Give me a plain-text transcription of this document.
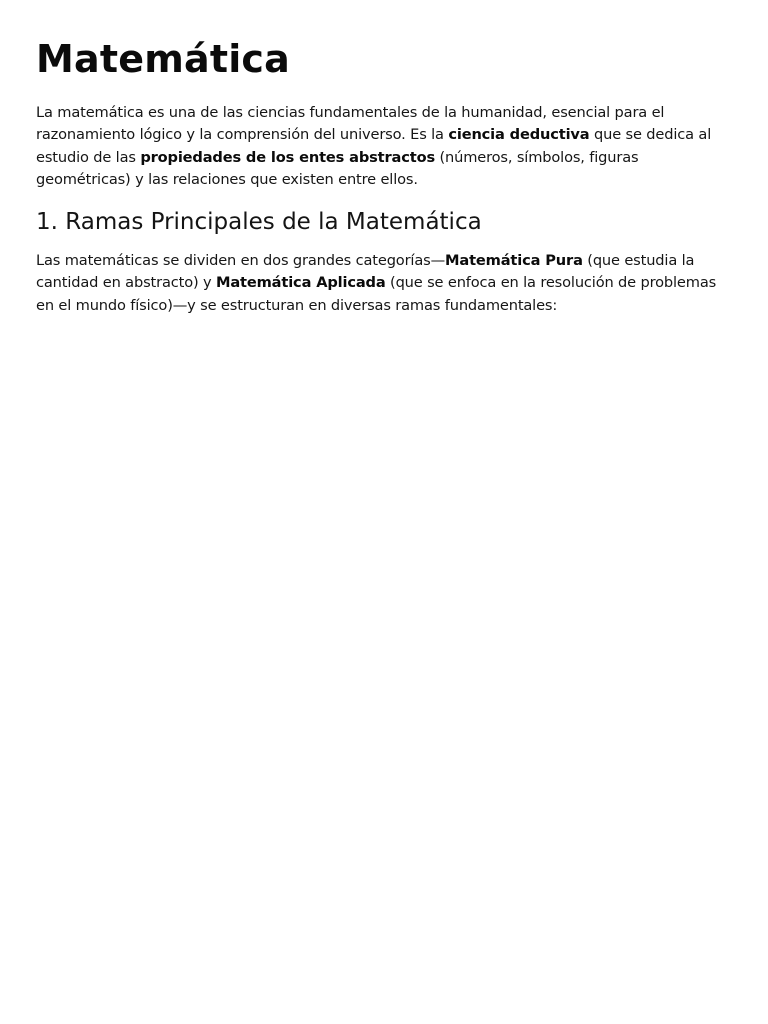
Matemática

La matemática es una de las ciencias fundamentales de la humanidad, esencial para el razonamiento lógico y la comprensión del universo. Es la ciencia deductiva que se dedica al estudio de las propiedades de los entes abstractos (números, símbolos, figuras geométricas) y las relaciones que existen entre ellos.

1. Ramas Principales de la Matemática

Las matemáticas se dividen en dos grandes categorías—Matemática Pura (que estudia la cantidad en abstracto) y Matemática Aplicada (que se enfoca en la resolución de problemas en el mundo físico)—y se estructuran en diversas ramas fundamentales:
